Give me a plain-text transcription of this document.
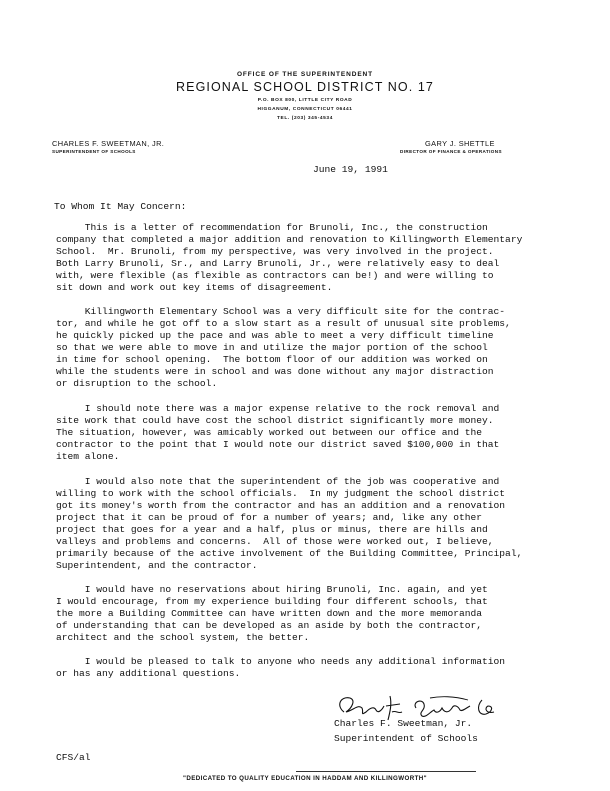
OFFICE OF THE SUPERINTENDENT
REGIONAL SCHOOL DISTRICT NO. 17
P.O. BOX 800, LITTLE CITY ROAD
HIGGANUM, CONNECTICUT 06441
TEL. (203) 345-4534
CHARLES F. SWEETMAN, JR.
SUPERINTENDENT OF SCHOOLS
GARY J. SHETTLE
DIRECTOR OF FINANCE & OPERATIONS
June 19, 1991
To Whom It May Concern:
This is a letter of recommendation for Brunoli, Inc., the construction
company that completed a major addition and renovation to Killingworth Elementary
School.  Mr. Brunoli, from my perspective, was very involved in the project.
Both Larry Brunoli, Sr., and Larry Brunoli, Jr., were relatively easy to deal
with, were flexible (as flexible as contractors can be!) and were willing to
sit down and work out key items of disagreement.
Killingworth Elementary School was a very difficult site for the contrac-
tor, and while he got off to a slow start as a result of unusual site problems,
he quickly picked up the pace and was able to meet a very difficult timeline
so that we were able to move in and utilize the major portion of the school
in time for school opening.  The bottom floor of our addition was worked on
while the students were in school and was done without any major distraction
or disruption to the school.
I should note there was a major expense relative to the rock removal and
site work that could have cost the school district significantly more money.
The situation, however, was amicably worked out between our office and the
contractor to the point that I would note our district saved $100,000 in that
item alone.
I would also note that the superintendent of the job was cooperative and
willing to work with the school officials.  In my judgment the school district
got its money's worth from the contractor and has an addition and a renovation
project that it can be proud of for a number of years; and, like any other
project that goes for a year and a half, plus or minus, there are hills and
valleys and problems and concerns.  All of those were worked out, I believe,
primarily because of the active involvement of the Building Committee, Principal,
Superintendent, and the contractor.
I would have no reservations about hiring Brunoli, Inc. again, and yet
I would encourage, from my experience building four different schools, that
the more a Building Committee can have written down and the more memoranda
of understanding that can be developed as an aside by both the contractor,
architect and the school system, the better.
I would be pleased to talk to anyone who needs any additional information
or has any additional questions.
Charles F. Sweetman, Jr.
Superintendent of Schools
CFS/al
"DEDICATED TO QUALITY EDUCATION IN HADDAM AND KILLINGWORTH"
